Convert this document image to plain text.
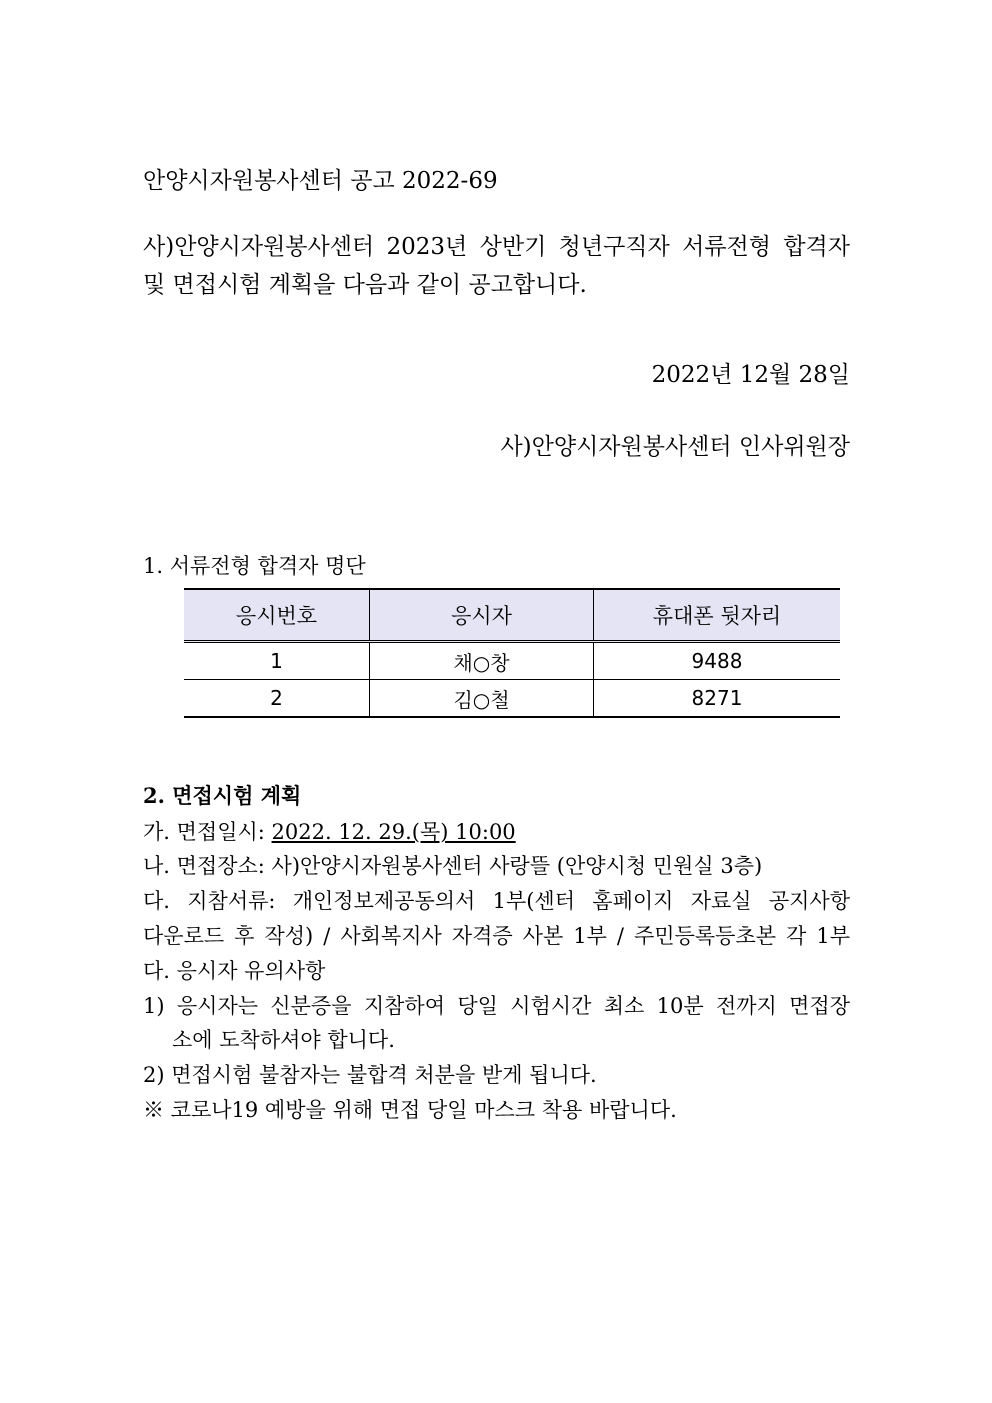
안양시자원봉사센터 공고 2022-69
사)안양시자원봉사센터 2023년 상반기 청년구직자 서류전형 합격자
및 면접시험 계획을 다음과 같이 공고합니다.
2022년 12월 28일
사)안양시자원봉사센터 인사위원장
1. 서류전형 합격자 명단
응시번호	응시자	휴대폰 뒷자리
1	채○창	9488
2	김○철	8271
2. 면접시험 계획
가. 면접일시: 2022. 12. 29.(목) 10:00
나. 면접장소: 사)안양시자원봉사센터 사랑뜰 (안양시청 민원실 3층)
다. 지참서류: 개인정보제공동의서 1부(센터 홈페이지 자료실 공지사항
다운로드 후 작성) / 사회복지사 자격증 사본 1부 / 주민등록등초본 각 1부
다. 응시자 유의사항
1) 응시자는 신분증을 지참하여 당일 시험시간 최소 10분 전까지 면접장
소에 도착하셔야 합니다.
2) 면접시험 불참자는 불합격 처분을 받게 됩니다.
※ 코로나19 예방을 위해 면접 당일 마스크 착용 바랍니다.
